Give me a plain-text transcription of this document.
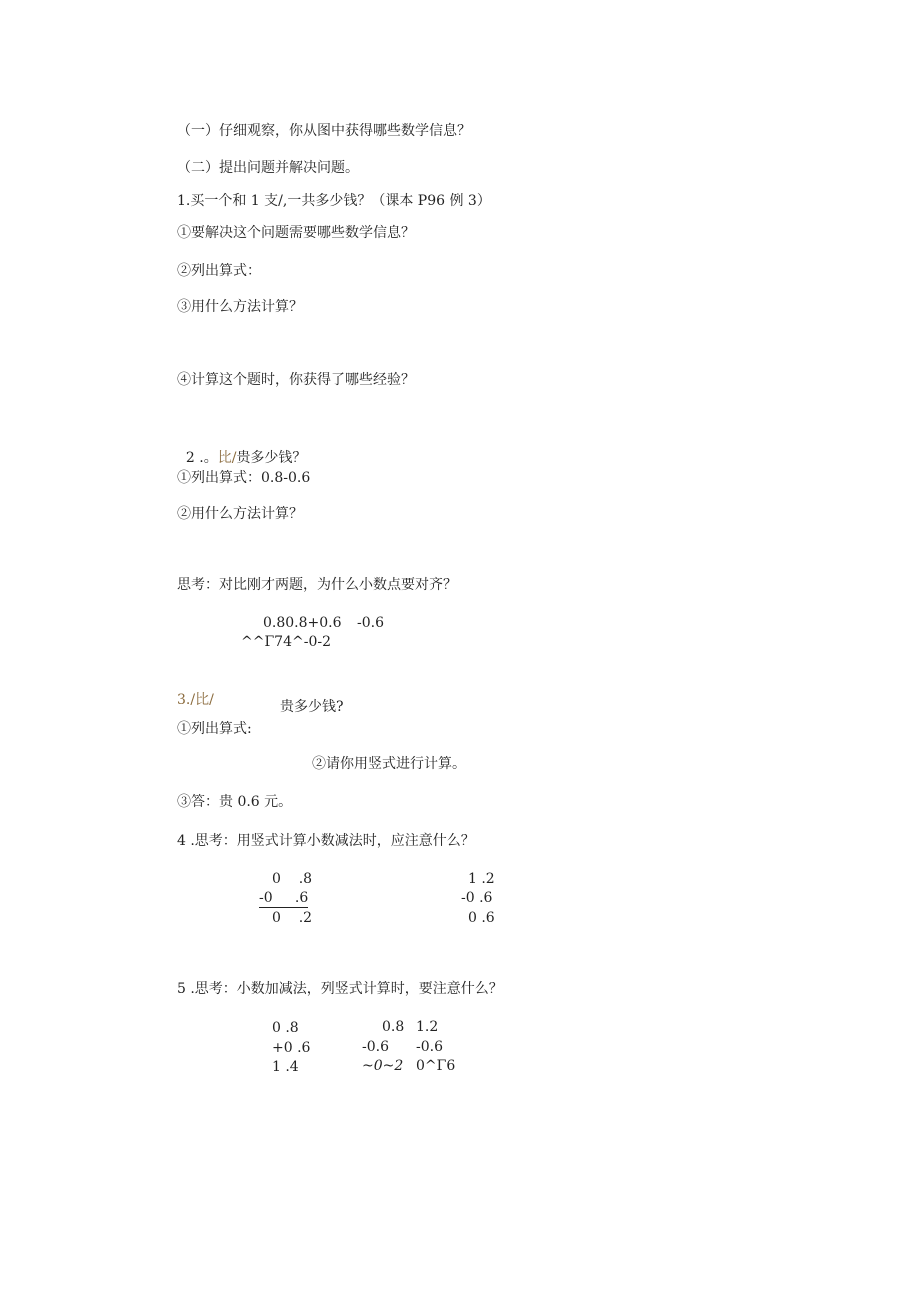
（一）仔细观察，你从图中获得哪些数学信息？
（二）提出问题并解决问题。
1.买一个和 1 支/,一共多少钱？（课本 P96 例 3）
①要解决这个问题需要哪些数学信息？
②列出算式：
③用什么方法计算？
④计算这个题时，你获得了哪些经验？

2 .。比/贵多少钱？

①列出算式：0.8-0.6
②用什么方法计算？
思考：对比刚才两题，为什么小数点要对齐？
0.80.8+0.6 -0.6
^^Γ74^-0-2
3./比/	贵多少钱?
①列出算式:
②请你用竖式进行计算。
③答：贵 0.6 元。
4 .思考：用竖式计算小数减法时，应注意什么？
0    .8
-0     .6
0    .2
1 .2
-0 .6
0 .6
5 .思考：小数加减法，列竖式计算时，要注意什么？
0 .8
+0 .6
1 .4
0.8
-0.6
~0~2
1.2
-0.6
0^Γ6
